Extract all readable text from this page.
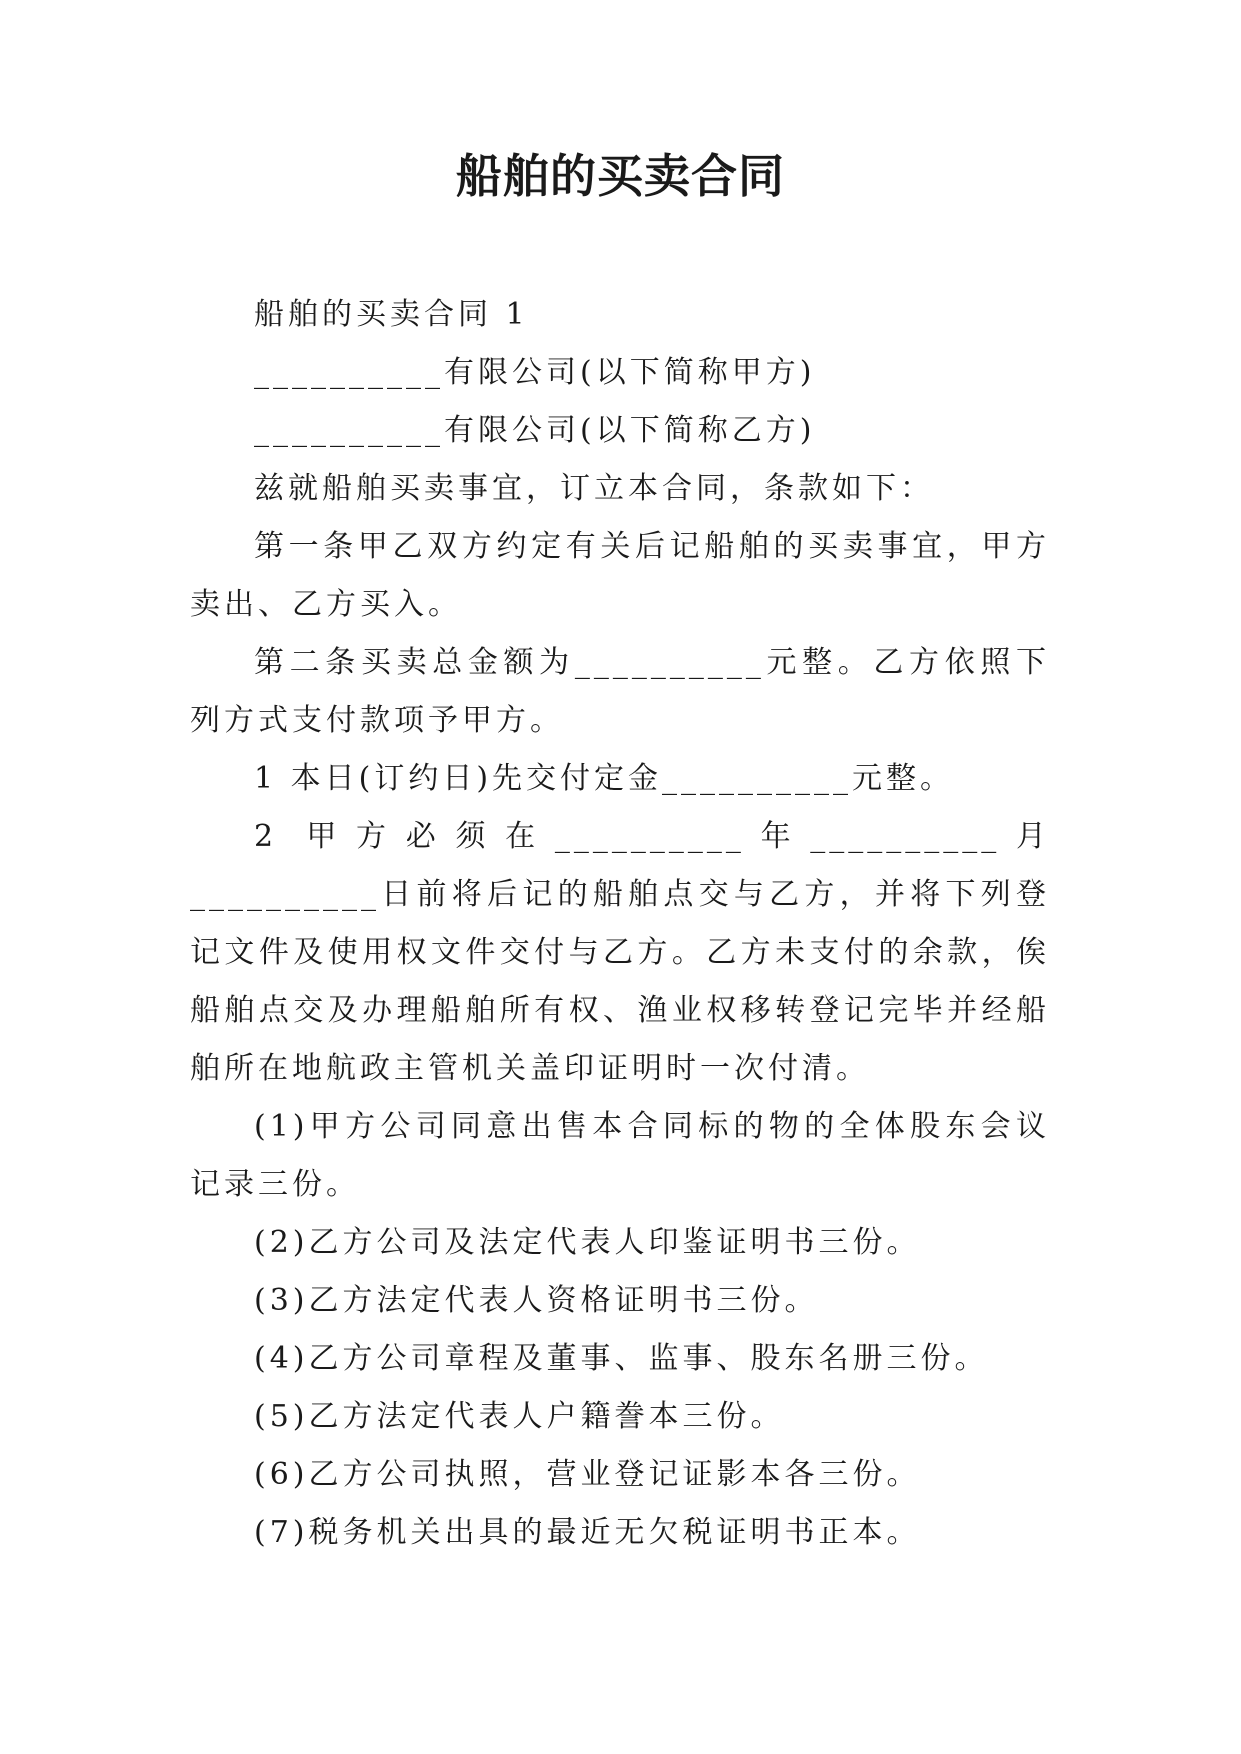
船舶的买卖合同

船舶的买卖合同 1

__________有限公司(以下简称甲方)

__________有限公司(以下简称乙方)

兹就船舶买卖事宜，订立本合同，条款如下：

第一条甲乙双方约定有关后记船舶的买卖事宜，甲方卖出、乙方买入。

第二条买卖总金额为__________元整。乙方依照下列方式支付款项予甲方。

1 本日(订约日)先交付定金__________元整。

2 甲方必须在__________年__________月__________日前将后记的船舶点交与乙方，并将下列登记文件及使用权文件交付与乙方。乙方未支付的余款，俟船舶点交及办理船舶所有权、渔业权移转登记完毕并经船舶所在地航政主管机关盖印证明时一次付清。

(1)甲方公司同意出售本合同标的物的全体股东会议记录三份。

(2)乙方公司及法定代表人印鉴证明书三份。

(3)乙方法定代表人资格证明书三份。

(4)乙方公司章程及董事、监事、股东名册三份。

(5)乙方法定代表人户籍誊本三份。

(6)乙方公司执照，营业登记证影本各三份。

(7)税务机关出具的最近无欠税证明书正本。
